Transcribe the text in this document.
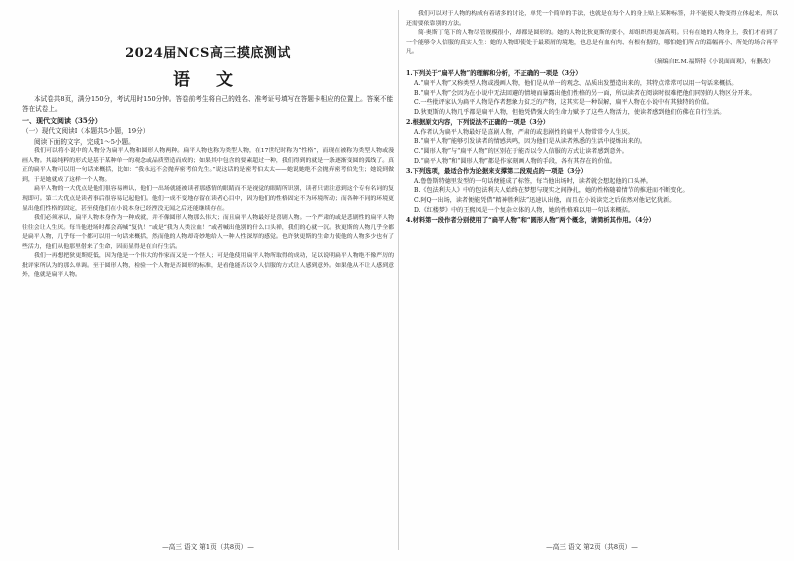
2024届NCS高三摸底测试
语 文

本试卷共8页，满分150分，考试用时150分钟。答卷前考生将自己的姓名、准考证号填写在答题卡相应的位置上。答案不能答在试卷上。

一、现代文阅读（35分）

（一）现代文阅读Ⅰ（本题共5小题，19分）

阅读下面的文字，完成1～5小题。

我们可以将小说中的人物分为扁平人物和圆形人物两种。扁平人物也称为类型人物，在17世纪时称为“性格”，而现在被称为类型人物或漫画人物。其最纯粹的形式是基于某种单一的观念或品质塑造而成的；如果其中包含的要素超过一种，我们得到的就是一条逐渐变圆的弧线了。真正的扁平人物可以用一句话来概括，比如：“我永远不会抛弃密考伯先生。”说这话的是密考伯太太——她说她绝不会抛弃密考伯先生；她说到做到，于是她就成了这样一个人物。

扁平人物的一大优点是他们很容易辨认，他们一出场就能被读者那感情的眼睛而不是视觉的眼睛所识别，读者只需注意到这个专有名词的复现即可。第二大优点是读者事后很容易记起他们。他们一成不变地存留在读者心目中，因为他们的性格固定不为环境所动；而各种不同的环境更显出他们性格的固定，甚至使他们在小说本身已经湮没无闻之后还能继续存在。

我们必须承认，扁平人物本身作为一种成就，并不像圆形人物那么伟大；而且扁平人物最好是喜剧人物。一个严肃的或是悲剧性的扁平人物往往会让人生厌。每当他进场时都会高喊“复仇！”或是“我为人类泣血！”或者喊出他别的什么口头禅，我们的心就一沉。狄更斯的人物几乎全都是扁平人物，几乎每一个都可以用一句话来概括，然而他的人物却奇妙地给人一种人性深厚的感觉。也许狄更斯的生命力使他的人物多少也有了些活力，他们从他那里借来了生命，因而显得是在自行生活。

我们一再想把狄更斯贬低，因为他是一个伟大的作家而又是一个怪人；可是他使用扁平人物所取得的成功，足以说明扁平人物绝不像严厉的批评家所认为的那么单调。至于圆形人物，检验一个人物是否圆形的标准，是看他能否以令人信服的方式让人感到意外。如果他从不让人感到意外，他就是扁平人物。

—高三 语文 第1页（共8页）—

我们可以对于人物的构成有着诸多的讨论，单凭一个简单的手法，也就是在每个人的身上贴上某种标签，并不能使人物变得立体起来，所以还需要依靠别的方法。

简·奥斯丁笔下的人物尽管规模很小，却都是圆形的。她的人物比狄更斯的要小，却组织得更加高明。只有在她的人物身上，我们才看到了一个能够令人信服的真实人生：她的人物即使处于最琐屑的境地，也总是有血有肉、有根有据的，哪怕她们所占的篇幅再小、所处的场合再平凡。

（摘编自E.M.福斯特《小说面面观》，有删改）

1.下列关于“扁平人物”的理解和分析，不正确的一项是（3分）
A.“扁平人物”又称类型人物或漫画人物，他们是从单一的观念、品质出发塑造出来的，其特点常常可以用一句话来概括。
B.“扁平人物”会因为在小说中无法回避的情境而暴露出他们性格的另一面，所以读者在阅读时很难把他们同别的人物区分开来。
C.一些批评家认为扁平人物是作者想象力贫乏的产物，这其实是一种误解，扁平人物在小说中有其独特的价值。
D.狄更斯的人物几乎都是扁平人物，但他凭借强大的生命力赋予了这些人物活力，使读者感到他们仿佛在自行生活。
2.根据原文内容，下列说法不正确的一项是（3分）
A.作者认为扁平人物最好是喜剧人物，严肃的或悲剧性的扁平人物常常令人生厌。
B.“扁平人物”能够引发读者的情感共鸣，因为他们是从读者熟悉的生活中提炼出来的。
C.“圆形人物”与“扁平人物”的区别在于能否以令人信服的方式让读者感到意外。
D.“扁平人物”和“圆形人物”都是作家刻画人物的手段，各有其存在的价值。
3.下列选项，最适合作为论据来支撑第二段观点的一项是（3分）
A.鲁鲁斯特德里发型的一句话便能成了标签，每当他出场时，读者就会想起他的口头禅。
B.《包法利夫人》中的包法利夫人始终在梦想与现实之间挣扎，她的性格随着情节的推进而不断变化。
C.阿Q一出场，读者便能凭借“精神胜利法”迅速认出他，而且在小说读完之后依然对他记忆犹新。
D.《红楼梦》中的王熙凤是一个复杂立体的人物，她的性格难以用一句话来概括。
4.材料第一段作者分别使用了“扁平人物”和“圆形人物”两个概念，请简析其作用。（4分）
—高三 语文 第2页（共8页）—
